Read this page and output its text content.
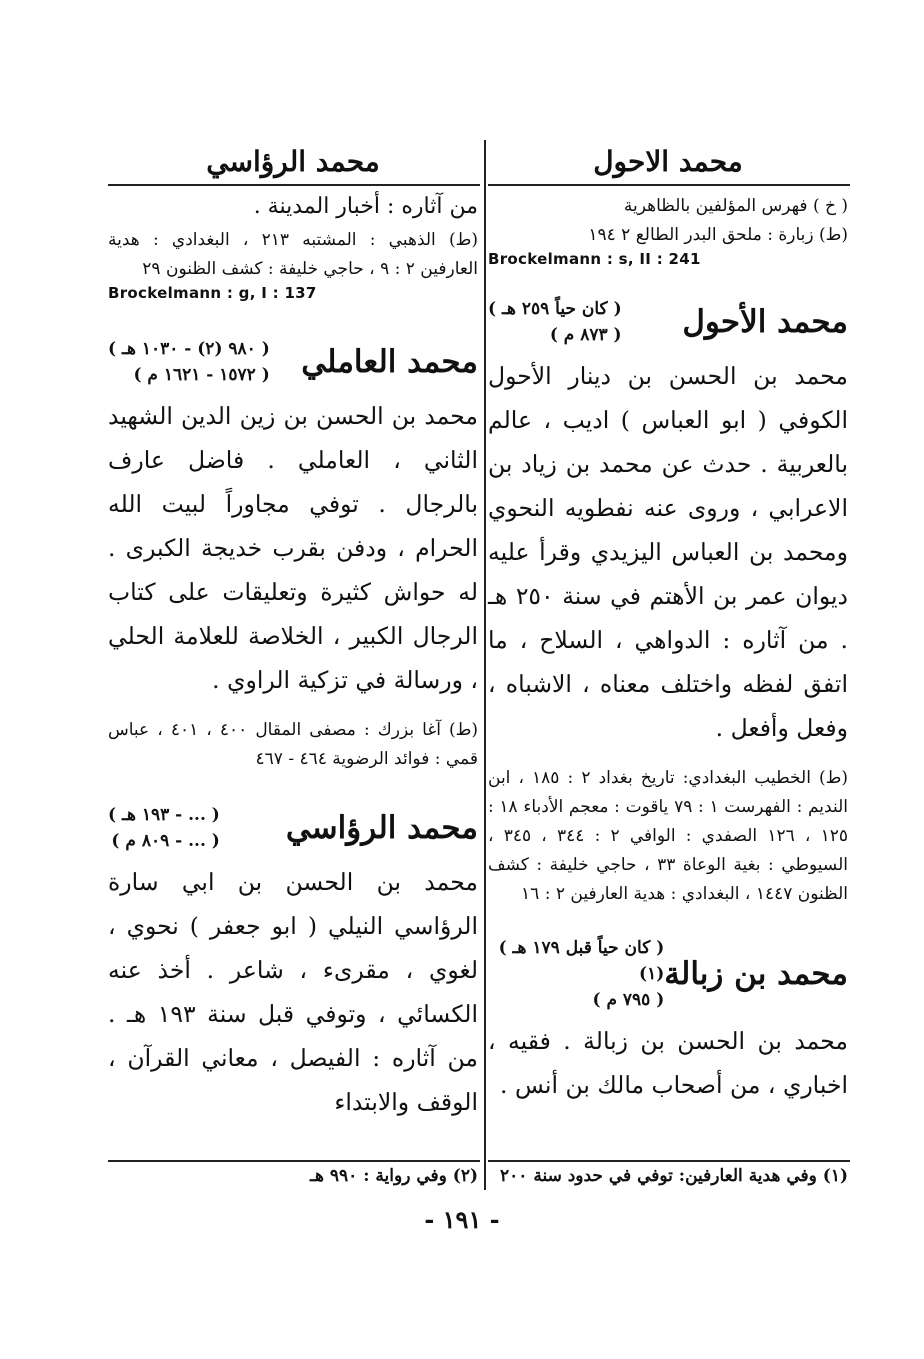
محمد الاحول
( خ ) فهرس المؤلفين بالظاهرية
(ط) زبارة : ملحق البدر الطالع ٢ ١٩٤
Brockelmann : s, II : 241
محمد الأحول
( كان حياً ٢٥٩ هـ )
( ٨٧٣ م )
محمد بن الحسن بن دينار الأحول الكوفي ( ابو العباس ) اديب ، عالم بالعربية . حدث عن محمد بن زياد بن الاعرابي ، وروى عنه نفطويه النحوي ومحمد بن العباس اليزيدي وقرأ عليه ديوان عمر بن الأهتم في سنة ٢٥٠ هـ . من آثاره : الدواهي ، السلاح ، ما اتفق لفظه واختلف معناه ، الاشباه ، وفعل وأفعل .
(ط) الخطيب البغدادي: تاريخ بغداد ٢ : ١٨٥ ، ابن النديم : الفهرست ١ : ٧٩ ياقوت : معجم الأدباء ١٨ : ١٢٥ ، ١٢٦ الصفدي : الوافي ٢ : ٣٤٤ ، ٣٤٥ ، السيوطي : بغية الوعاة ٣٣ ، حاجي خليفة : كشف الظنون ١٤٤٧ ، البغدادي : هدية العارفين ٢ : ١٦
محمد بن زبالة
( كان حياً قبل ١٧٩ هـ ) (١)
( ٧٩٥ م )
محمد بن الحسن بن زبالة . فقيه ، اخباري ، من أصحاب مالك بن أنس .
محمد الرؤاسي
من آثاره : أخبار المدينة .
(ط) الذهبي : المشتبه ٢١٣ ، البغدادي : هدية العارفين ٢ : ٩ ، حاجي خليفة : كشف الظنون ٢٩
Brockelmann : g, I : 137
محمد العاملي
( ٩٨٠ (٢) - ١٠٣٠ هـ )
( ١٥٧٢ - ١٦٢١ م )
محمد بن الحسن بن زين الدين الشهيد الثاني ، العاملي . فاضل عارف بالرجال . توفي مجاوراً لبيت الله الحرام ، ودفن بقرب خديجة الكبرى . له حواش كثيرة وتعليقات على كتاب الرجال الكبير ، الخلاصة للعلامة الحلي ، ورسالة في تزكية الراوي .
(ط) آغا بزرك : مصفى المقال ٤٠٠ ، ٤٠١ ، عباس قمي : فوائد الرضوية ٤٦٤ - ٤٦٧
محمد الرؤاسي
( ... - ١٩٣ هـ )
( ... - ٨٠٩ م )
محمد بن الحسن بن ابي سارة الرؤاسي النيلي ( ابو جعفر ) نحوي ، لغوي ، مقرىء ، شاعر . أخذ عنه الكسائي ، وتوفي قبل سنة ١٩٣ هـ . من آثاره : الفيصل ، معاني القرآن ، الوقف والابتداء
(١) وفي هدية العارفين: توفي في حدود سنة ٢٠٠
(٢) وفي رواية : ٩٩٠ هـ
- ١٩١ -
